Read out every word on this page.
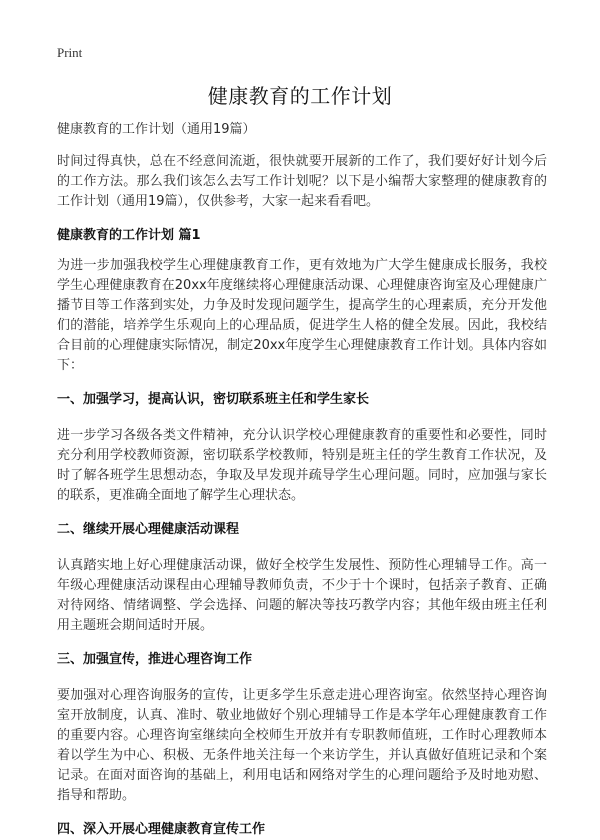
Print
健康教育的工作计划

健康教育的工作计划（通用19篇）

时间过得真快，总在不经意间流逝，很快就要开展新的工作了，我们要好好计划今后的工作方法。那么我们该怎么去写工作计划呢？以下是小编帮大家整理的健康教育的工作计划（通用19篇），仅供参考，大家一起来看看吧。

健康教育的工作计划 篇1

为进一步加强我校学生心理健康教育工作，更有效地为广大学生健康成长服务，我校学生心理健康教育在20xx年度继续将心理健康活动课、心理健康咨询室及心理健康广播节目等工作落到实处，力争及时发现问题学生，提高学生的心理素质，充分开发他们的潜能，培养学生乐观向上的心理品质，促进学生人格的健全发展。因此，我校结合目前的心理健康实际情况，制定20xx年度学生心理健康教育工作计划。具体内容如下：

一、加强学习，提高认识，密切联系班主任和学生家长

进一步学习各级各类文件精神，充分认识学校心理健康教育的重要性和必要性，同时充分利用学校教师资源，密切联系学校教师，特别是班主任的学生教育工作状况，及时了解各班学生思想动态，争取及早发现并疏导学生心理问题。同时，应加强与家长的联系，更准确全面地了解学生心理状态。

二、继续开展心理健康活动课程

认真踏实地上好心理健康活动课，做好全校学生发展性、预防性心理辅导工作。高一年级心理健康活动课程由心理辅导教师负责，不少于十个课时，包括亲子教育、正确对待网络、情绪调整、学会选择、问题的解决等技巧教学内容；其他年级由班主任利用主题班会期间适时开展。

三、加强宣传，推进心理咨询工作

要加强对心理咨询服务的宣传，让更多学生乐意走进心理咨询室。依然坚持心理咨询室开放制度，认真、准时、敬业地做好个别心理辅导工作是本学年心理健康教育工作的重要内容。心理咨询室继续向全校师生开放并有专职教师值班，工作时心理教师本着以学生为中心、积极、无条件地关注每一个来访学生，并认真做好值班记录和个案记录。在面对面咨询的基础上，利用电话和网络对学生的心理问题给予及时地劝慰、指导和帮助。

四、深入开展心理健康教育宣传工作
